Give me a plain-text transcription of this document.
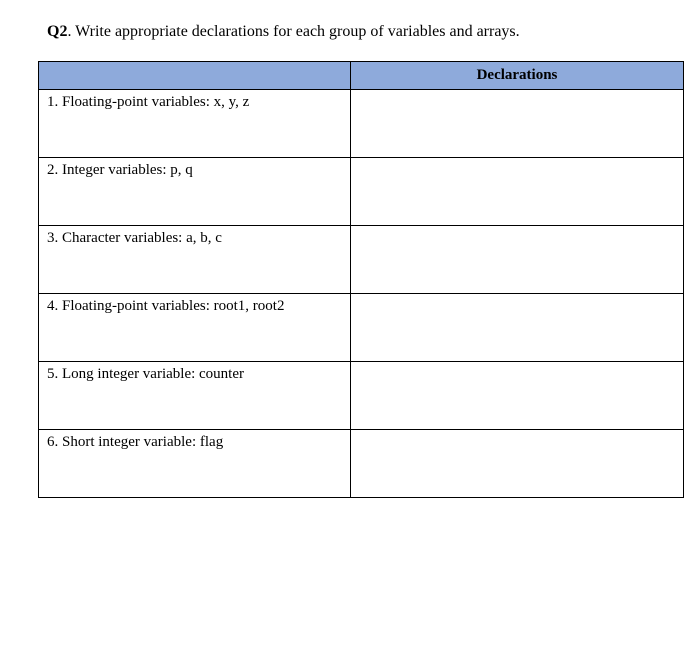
Q2. Write appropriate declarations for each group of variables and arrays.
	Declarations

1. Floating-point variables: x, y, z	

2. Integer variables: p, q	

3. Character variables: a, b, c	

4. Floating-point variables: root1, root2	

5. Long integer variable: counter	

6. Short integer variable: flag	
